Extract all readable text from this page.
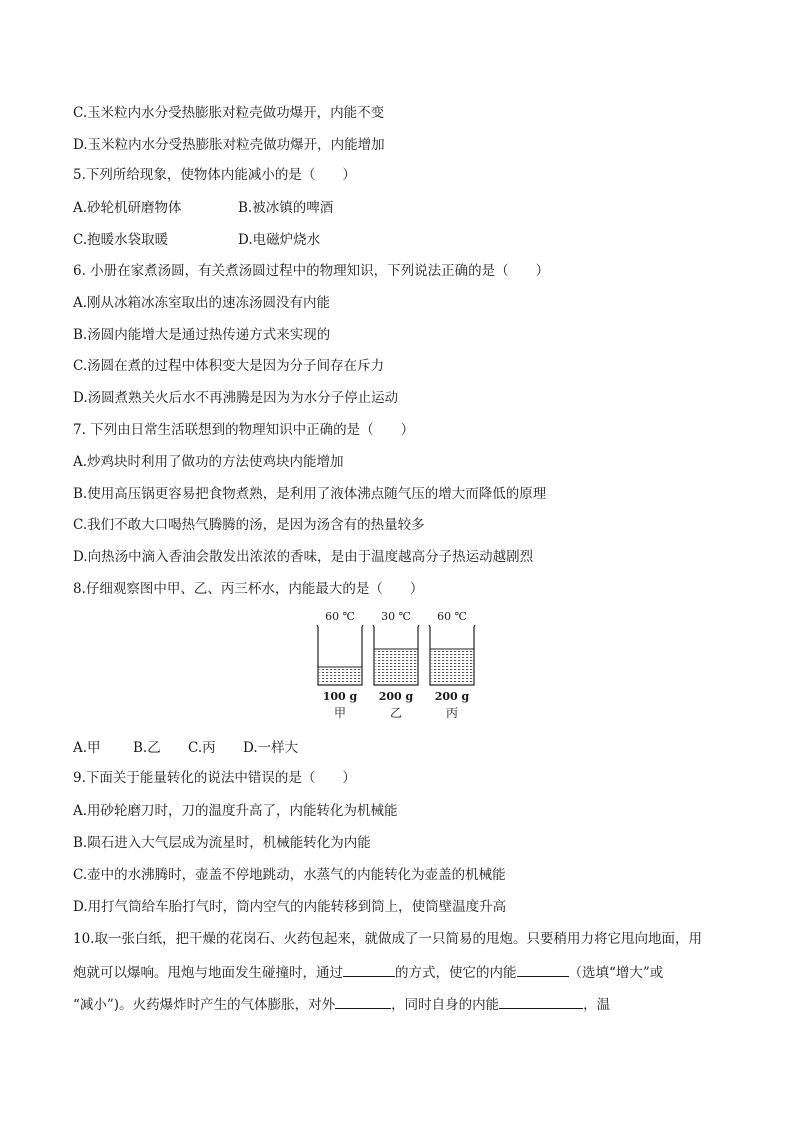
C.玉米粒内水分受热膨胀对粒壳做功爆开，内能不变
D.玉米粒内水分受热膨胀对粒壳做功爆开，内能增加
5.下列所给现象，使物体内能减小的是（　　）
A.砂轮机研磨物体	B.被冰镇的啤酒
C.抱暖水袋取暖	D.电磁炉烧水
6. 小册在家煮汤圆，有关煮汤圆过程中的物理知识，下列说法正确的是（　　）
A.刚从冰箱冰冻室取出的速冻汤圆没有内能
B.汤圆内能增大是通过热传递方式来实现的
C.汤圆在煮的过程中体积变大是因为分子间存在斥力
D.汤圆煮熟关火后水不再沸腾是因为为水分子停止运动
7. 下列由日常生活联想到的物理知识中正确的是（　　）
A.炒鸡块时利用了做功的方法使鸡块内能增加
B.使用高压锅更容易把食物煮熟，是利用了液体沸点随气压的增大而降低的原理
C.我们不敢大口喝热气腾腾的汤，是因为汤含有的热量较多
D.向热汤中滴入香油会散发出浓浓的香味，是由于温度越高分子热运动越剧烈
8.仔细观察图中甲、乙、丙三杯水，内能最大的是（　　）
60 ℃
100 g
甲
30 ℃
200 g
乙
60 ℃
200 g
丙
A.甲 B.乙 C.丙 D.一样大
9.下面关于能量转化的说法中错误的是（　　）
A.用砂轮磨刀时，刀的温度升高了，内能转化为机械能
B.陨石进入大气层成为流星时，机械能转化为内能
C.壶中的水沸腾时，壶盖不停地跳动，水蒸气的内能转化为壶盖的机械能
D.用打气筒给车胎打气时，筒内空气的内能转移到筒上，使筒壁温度升高
10.取一张白纸，把干燥的花岗石、火药包起来，就做成了一只简易的甩炮。只要稍用力将它甩向地面，用
炮就可以爆响。甩炮与地面发生碰撞时，通过	的方式，使它的内能	（选填“增大”或
“减小”)。火药爆炸时产生的气体膨胀，对外	，同时自身的内能	，温
